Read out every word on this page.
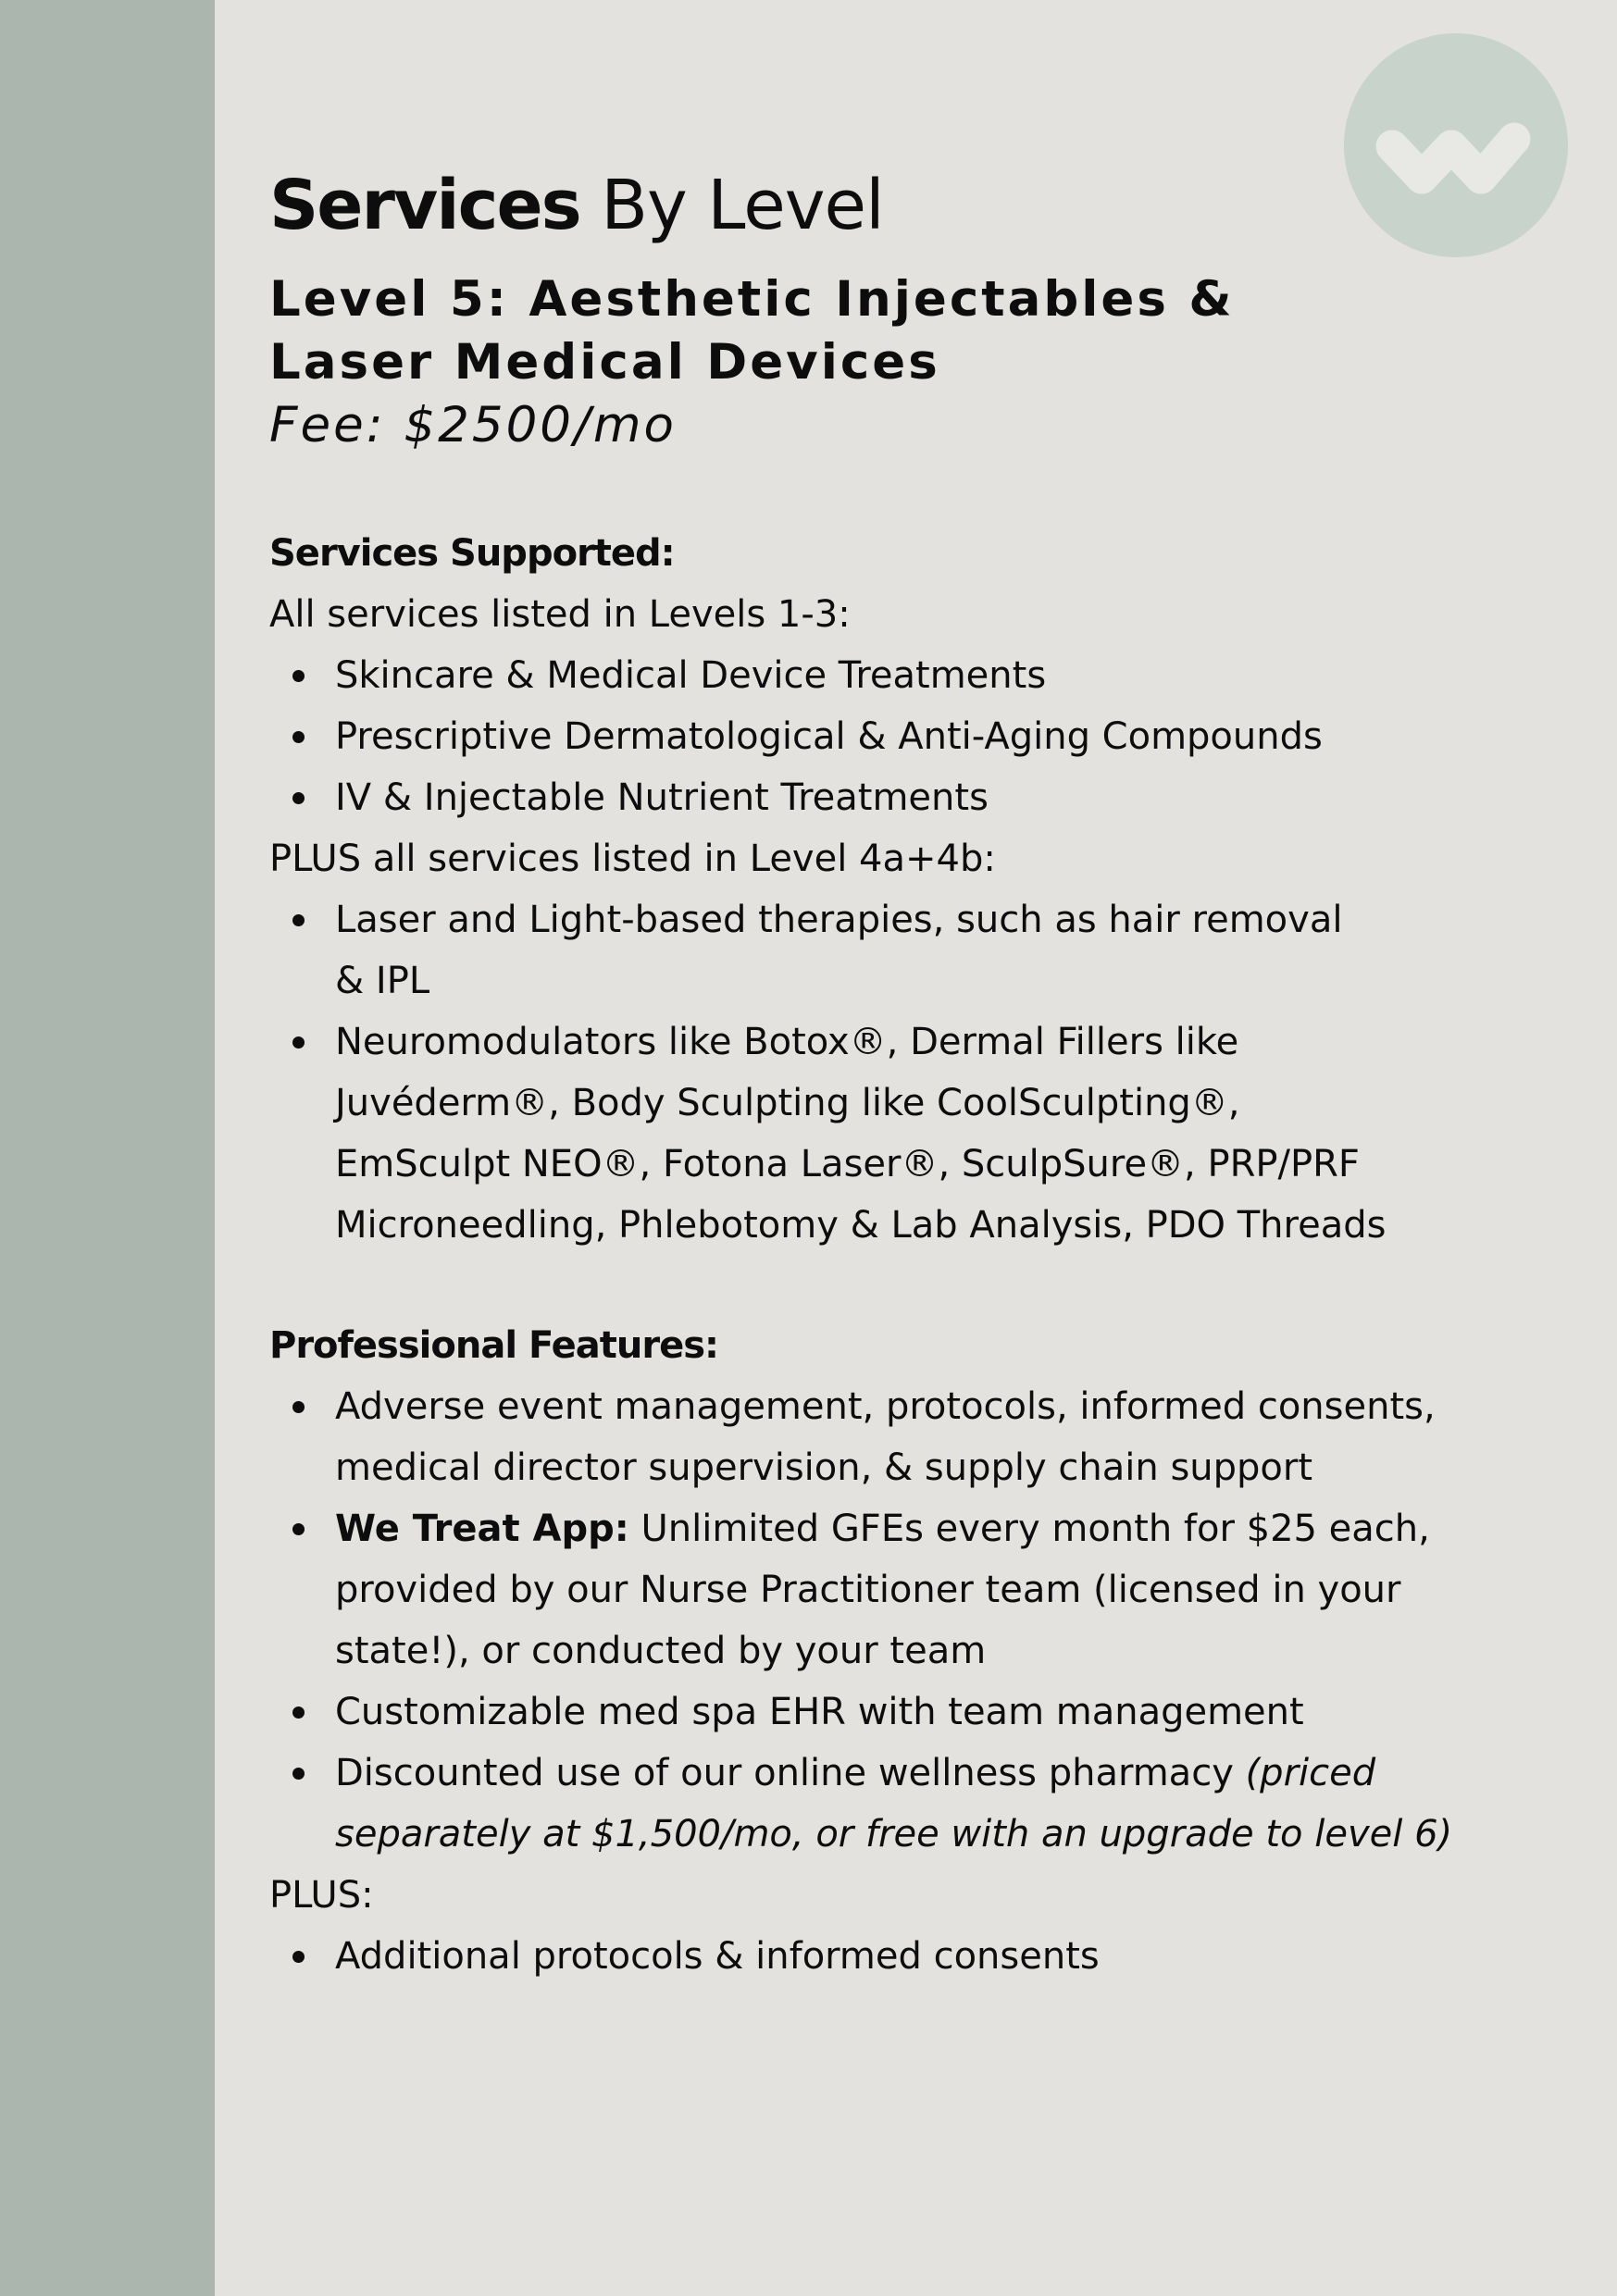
Services By Level
Level 5: Aesthetic Injectables &
Laser Medical Devices

Fee: $2500/mo

Services Supported:

All services listed in Levels 1-3:

Skincare & Medical Device Treatments
Prescriptive Dermatological & Anti-Aging Compounds
IV & Injectable Nutrient Treatments

PLUS all services listed in Level 4a+4b:

Laser and Light-based therapies, such as hair removal
& IPL
Neuromodulators like Botox®, Dermal Fillers like
Juvéderm®, Body Sculpting like CoolSculpting®,
EmSculpt NEO®, Fotona Laser®, SculpSure®, PRP/PRF
Microneedling, Phlebotomy & Lab Analysis, PDO Threads
Professional Features:
Adverse event management, protocols, informed consents, medical director supervision, & supply chain support
We Treat App: Unlimited GFEs every month for $25 each, provided by our Nurse Practitioner team (licensed in your state!), or conducted by your team
Customizable med spa EHR with team management
Discounted use of our online wellness pharmacy (priced separately at $1,500/mo, or free with an upgrade to level 6)

PLUS:

Additional protocols & informed consents
